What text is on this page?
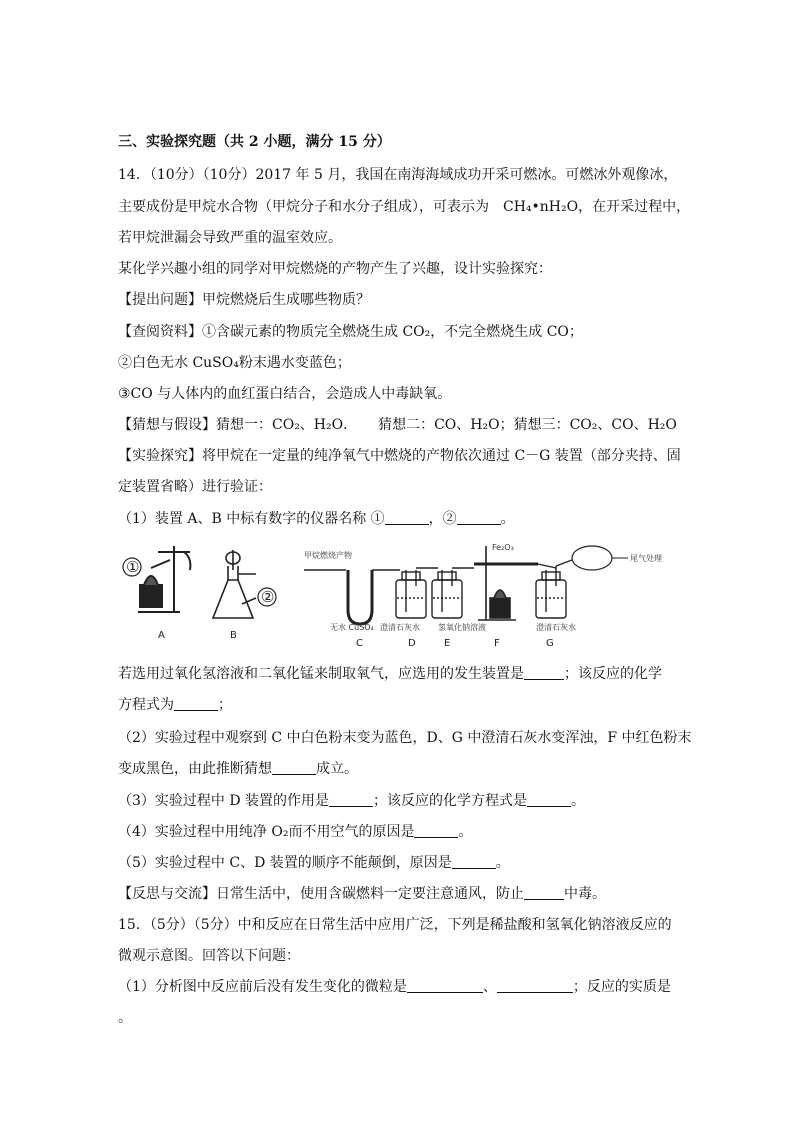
三、实验探究题（共 2 小题，满分 15 分）
14．（10分）（10分）2017 年 5 月，我国在南海海域成功开采可燃冰。可燃冰外观像冰，
主要成份是甲烷水合物（甲烷分子和水分子组成），可表示为 CH₄•nH₂O，在开采过程中，
若甲烷泄漏会导致严重的温室效应。
某化学兴趣小组的同学对甲烷燃烧的产物产生了兴趣，设计实验探究：
【提出问题】甲烷燃烧后生成哪些物质？
【查阅资料】①含碳元素的物质完全燃烧生成 CO₂，不完全燃烧生成 CO；
②白色无水 CuSO₄粉末遇水变蓝色；
③CO 与人体内的血红蛋白结合，会造成人中毒缺氧。
【猜想与假设】猜想一：CO₂、H₂O．　　猜想二：CO、H₂O；猜想三：CO₂、CO、H₂O
【实验探究】将甲烷在一定量的纯净氧气中燃烧的产物依次通过 C－G 装置（部分夹持、固
定装置省略）进行验证：
（1）装置 A、B 中标有数字的仪器名称 ①	，②	。
①
A
②
B
甲烷燃烧产物
Fe₂O₃
尾气处理
无水 CuSO₄ 澄清石灰水 氢氧化钠溶液	澄清石灰水
C	D	E	F	G
若选用过氧化氢溶液和二氧化锰来制取氧气，应选用的发生装置是	；该反应的化学
方程式为	；
（2）实验过程中观察到 C 中白色粉末变为蓝色，D、G 中澄清石灰水变浑浊，F 中红色粉末
变成黑色，由此推断猜想	成立。
（3）实验过程中 D 装置的作用是	；该反应的化学方程式是	。
（4）实验过程中用纯净 O₂而不用空气的原因是	。
（5）实验过程中 C、D 装置的顺序不能颠倒，原因是	。
【反思与交流】日常生活中，使用含碳燃料一定要注意通风，防止	中毒。
15．（5分）（5分）中和反应在日常生活中应用广泛，下列是稀盐酸和氢氧化钠溶液反应的
微观示意图。回答以下问题：
（1）分析图中反应前后没有发生变化的微粒是	、	；反应的实质是
。
